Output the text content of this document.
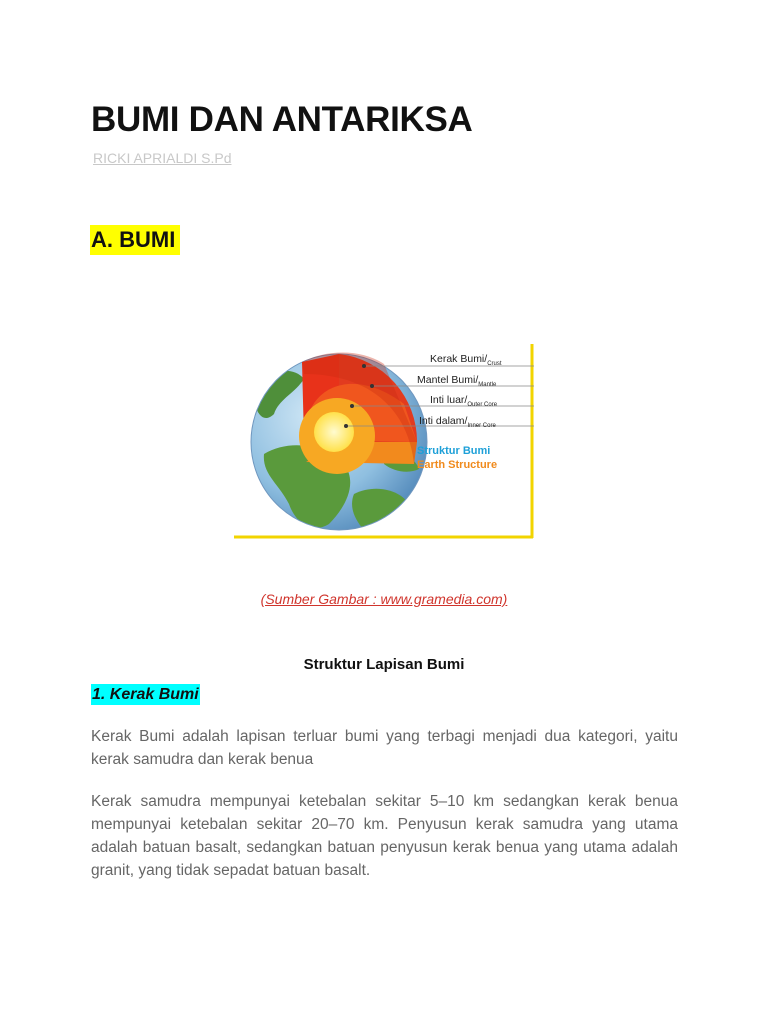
BUMI DAN ANTARIKSA
RICKI APRIALDI S.Pd
A. BUMI
Kerak Bumi/$_{Crust}$
Mantel Bumi/$_{Mantle}$
Inti luar/$_{Outer Core}$
Inti dalam/$_{Inner Core}$
Struktur Bumi
Earth Structure
(Sumber Gambar : www.gramedia.com)
Struktur Lapisan Bumi
1. Kerak Bumi

Kerak Bumi adalah lapisan terluar bumi yang terbagi menjadi dua kategori, yaitu kerak samudra dan kerak benua

Kerak samudra mempunyai ketebalan sekitar 5–10 km sedangkan kerak benua mempunyai ketebalan sekitar 20–70 km. Penyusun kerak samudra yang utama adalah batuan basalt, sedangkan batuan penyusun kerak benua yang utama adalah granit, yang tidak sepadat batuan basalt.
